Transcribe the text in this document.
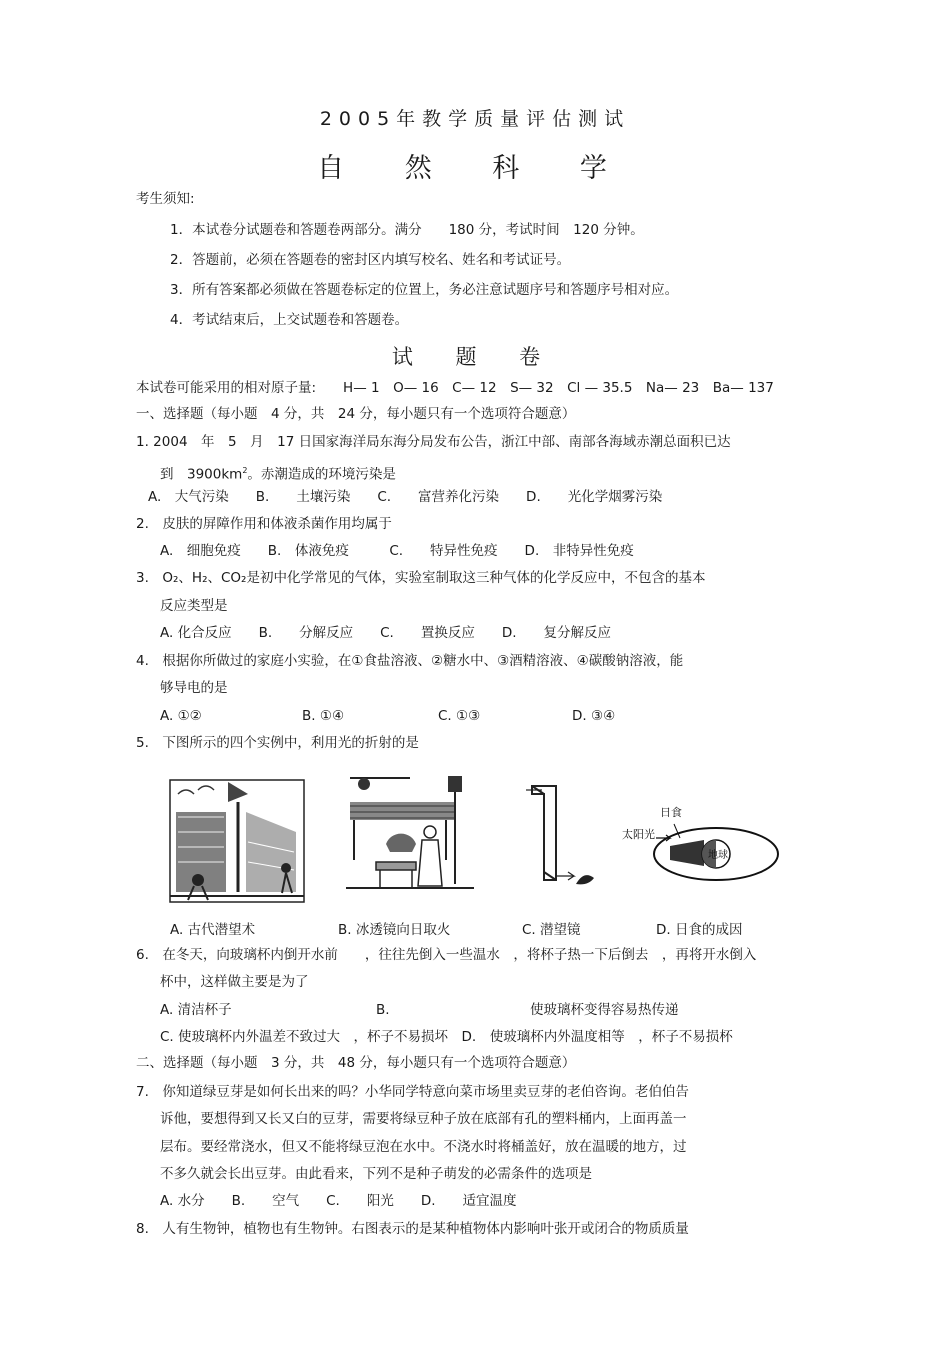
2005年教学质量评估测试
自 然 科 学
考生须知:
1．本试卷分试题卷和答题卷两部分。满分　　180 分，考试时间　120 分钟。
2．答题前，必须在答题卷的密封区内填写校名、姓名和考试证号。
3．所有答案都必须做在答题卷标定的位置上，务必注意试题序号和答题序号相对应。
4．考试结束后，上交试题卷和答题卷。
试 题 卷
本试卷可能采用的相对原子量:　　H— 1　O— 16　C— 12　S— 32　Cl — 35.5　Na— 23　Ba— 137
一、选择题（每小题　4 分，共　24 分，每小题只有一个选项符合题意）
1. 2004　年　5　月　17 日国家海洋局东海分局发布公告，浙江中部、南部各海域赤潮总面积已达
到　$3900km^2$。赤潮造成的环境污染是
A.　大气污染　　B.　　土壤污染　　C.　　富营养化污染　　D.　　光化学烟雾污染
2.　皮肤的屏障作用和体液杀菌作用均属于
A.　细胞免疫　　B.　体液免疫　　　C.　　特异性免疫　　D.　非特异性免疫
3.　O₂、H₂、CO₂是初中化学常见的气体，实验室制取这三种气体的化学反应中，不包含的基本
反应类型是
A. 化合反应　　B.　　分解反应　　C.　　置换反应　　D.　　复分解反应
4.　根据你所做过的家庭小实验，在①食盐溶液、②糖水中、③酒精溶液、④碳酸钠溶液，能
够导电的是
A. ①②	B. ①④	C. ①③	D. ③④
5.　下图所示的四个实例中，利用光的折射的是
日食
太阳光
地球
A. 古代潜望术	B. 冰透镜向日取火	C. 潜望镜	D. 日食的成因
6.　在冬天，向玻璃杯内倒开水前　　，往往先倒入一些温水　，将杯子热一下后倒去　，再将开水倒入
杯中，这样做主要是为了
A. 清洁杯子	B.	使玻璃杯变得容易热传递
C. 使玻璃杯内外温差不致过大　，杯子不易损坏　D.　使玻璃杯内外温度相等　，杯子不易损杯
二、选择题（每小题　3 分，共　48 分，每小题只有一个选项符合题意）
7.　你知道绿豆芽是如何长出来的吗？小华同学特意向菜市场里卖豆芽的老伯咨询。老伯伯告
诉他，要想得到又长又白的豆芽，需要将绿豆种子放在底部有孔的塑料桶内，上面再盖一
层布。要经常浇水，但又不能将绿豆泡在水中。不浇水时将桶盖好，放在温暖的地方，过
不多久就会长出豆芽。由此看来，下列不是种子萌发的必需条件的选项是
A. 水分　　B.　　空气　　C.　　阳光　　D.　　适宜温度
8.　人有生物钟，植物也有生物钟。右图表示的是某种植物体内影响叶张开或闭合的物质质量
